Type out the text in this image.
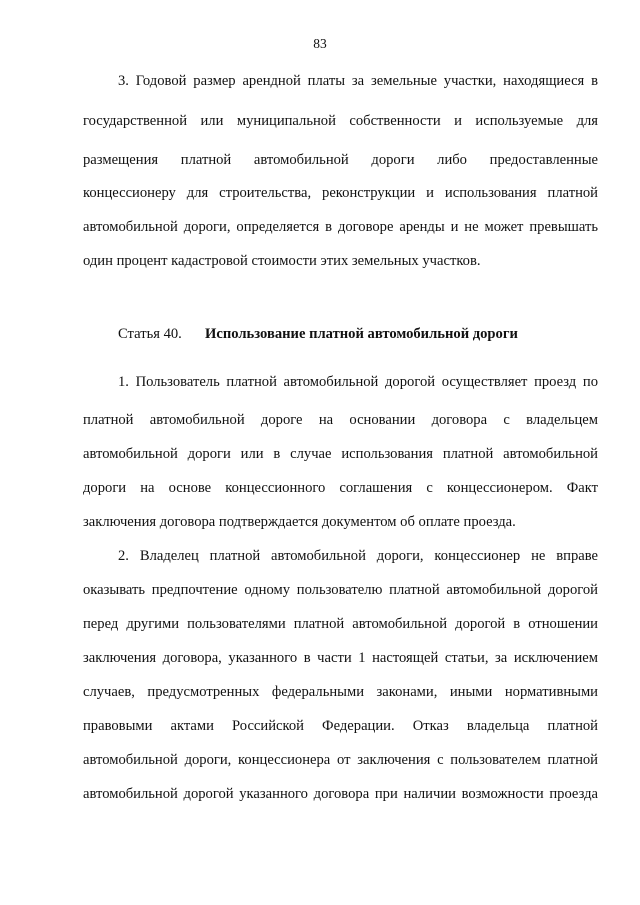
83
3. Годовой размер арендной платы за земельные участки, находящиеся в
государственной или муниципальной собственности и используемые для
размещения платной автомобильной дороги либо предоставленные
концессионеру для строительства, реконструкции и использования платной
автомобильной дороги, определяется в договоре аренды и не может превышать
один процент кадастровой стоимости этих земельных участков.
Статья 40. Использование платной автомобильной дороги
1. Пользователь платной автомобильной дорогой осуществляет проезд по
платной автомобильной дороге на основании договора с владельцем
автомобильной дороги или в случае использования платной автомобильной
дороги на основе концессионного соглашения с концессионером. Факт
заключения договора подтверждается документом об оплате проезда.
2. Владелец платной автомобильной дороги, концессионер не вправе
оказывать предпочтение одному пользователю платной автомобильной дорогой
перед другими пользователями платной автомобильной дорогой в отношении
заключения договора, указанного в части 1 настоящей статьи, за исключением
случаев, предусмотренных федеральными законами, иными нормативными
правовыми актами Российской Федерации. Отказ владельца платной
автомобильной дороги, концессионера от заключения с пользователем платной
автомобильной дорогой указанного договора при наличии возможности проезда
